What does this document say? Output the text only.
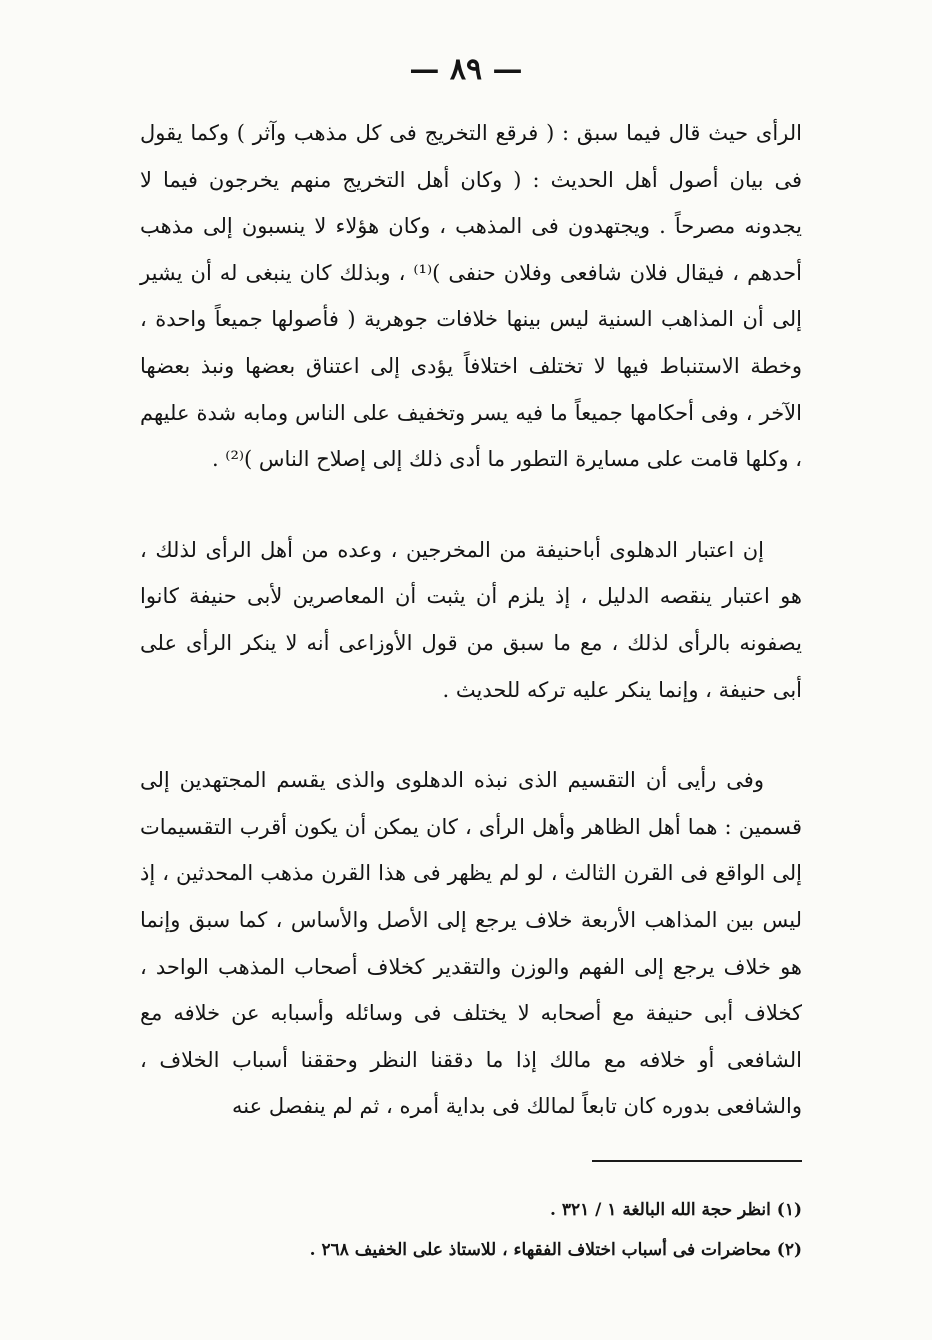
— ٨٩ —

الرأى حيث قال فيما سبق : ( فرقع التخريج فى كل مذهب وآثر ) وكما يقول فى بيان أصول أهل الحديث : ( وكان أهل التخريج منهم يخرجون فيما لا يجدونه مصرحاً . ويجتهدون فى المذهب ، وكان هؤلاء لا ينسبون إلى مذهب أحدهم ، فيقال فلان شافعى وفلان حنفى )⁽¹⁾ ، وبذلك كان ينبغى له أن يشير إلى أن المذاهب السنية ليس بينها خلافات جوهرية ( فأصولها جميعاً واحدة ، وخطة الاستنباط فيها لا تختلف اختلافاً يؤدى إلى اعتناق بعضها ونبذ بعضها الآخر ، وفى أحكامها جميعاً ما فيه يسر وتخفيف على الناس ومابه شدة عليهم ، وكلها قامت على مسايرة التطور ما أدى ذلك إلى إصلاح الناس )⁽²⁾ .

إن اعتبار الدهلوى أباحنيفة من المخرجين ، وعده من أهل الرأى لذلك ، هو اعتبار ينقصه الدليل ، إذ يلزم أن يثبت أن المعاصرين لأبى حنيفة كانوا يصفونه بالرأى لذلك ، مع ما سبق من قول الأوزاعى أنه لا ينكر الرأى على أبى حنيفة ، وإنما ينكر عليه تركه للحديث .

وفى رأيى أن التقسيم الذى نبذه الدهلوى والذى يقسم المجتهدين إلى قسمين : هما أهل الظاهر وأهل الرأى ، كان يمكن أن يكون أقرب التقسيمات إلى الواقع فى القرن الثالث ، لو لم يظهر فى هذا القرن مذهب المحدثين ، إذ ليس بين المذاهب الأربعة خلاف يرجع إلى الأصل والأساس ، كما سبق وإنما هو خلاف يرجع إلى الفهم والوزن والتقدير كخلاف أصحاب المذهب الواحد ، كخلاف أبى حنيفة مع أصحابه لا يختلف فى وسائله وأسبابه عن خلافه مع الشافعى أو خلافه مع مالك إذا ما دققنا النظر وحققنا أسباب الخلاف ، والشافعى بدوره كان تابعاً لمالك فى بداية أمره ، ثم لم ينفصل عنه

(١) انظر حجة الله البالغة ١ / ٣٢١ .

(٢) محاضرات فى أسباب اختلاف الفقهاء ، للاستاذ على الخفيف ٢٦٨ .
